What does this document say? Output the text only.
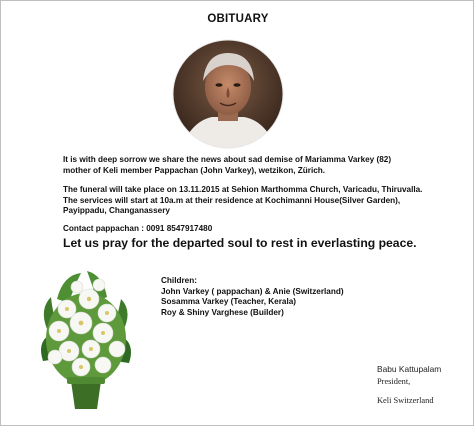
OBITUARY
It is with deep sorrow we share the news about sad demise of Mariamma Varkey (82)
mother of Keli member Pappachan (John Varkey), wetzikon, Zürich.
The funeral will take place on 13.11.2015 at Sehion Marthomma Church, Varicadu, Thiruvalla.
The services will start at 10a.m at their residence at Kochimanni House(Silver Garden),
Payippadu, Changanassery
Contact pappachan : 0091 8547917480
Let us pray for the departed soul to rest in everlasting peace.
Children:
John Varkey ( pappachan) & Anie (Switzerland)
Sosamma Varkey (Teacher, Kerala)
Roy & Shiny Varghese (Builder)
Babu Kattupalam
President,
Keli Switzerland
